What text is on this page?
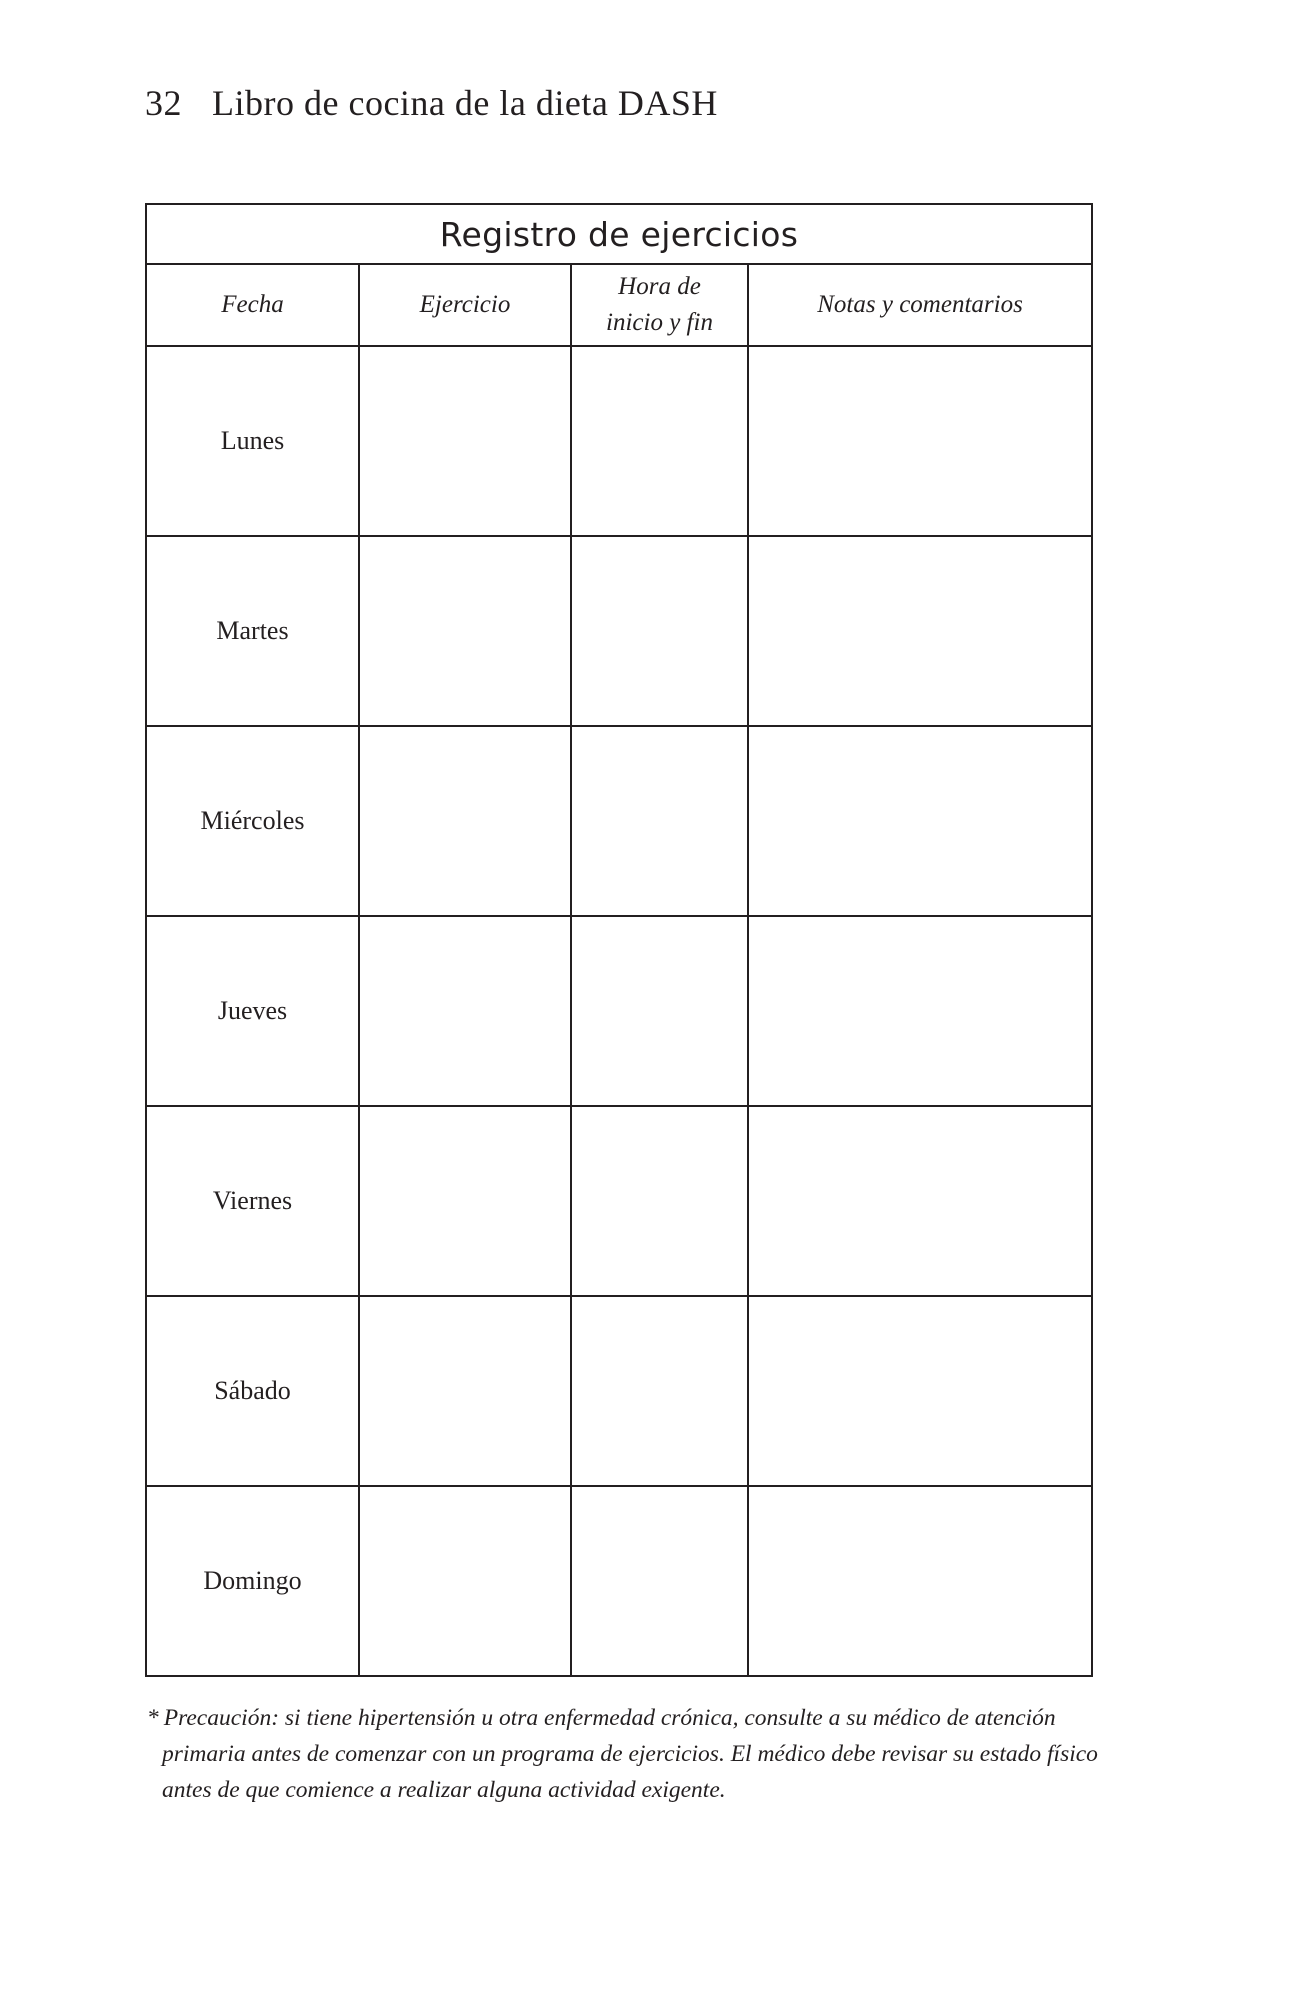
32 Libro de cocina de la dieta DASH
Registro de ejercicios			
Fecha	Ejercicio	Hora de inicio y fin	Notas y comentarios
Lunes			
Martes			
Miércoles			
Jueves			
Viernes			
Sábado			
Domingo			
* Precaución: si tiene hipertensión u otra enfermedad crónica, consulte a su médico de atención
primaria antes de comenzar con un programa de ejercicios. El médico debe revisar su estado físico antes de que comience a realizar alguna actividad exigente.
